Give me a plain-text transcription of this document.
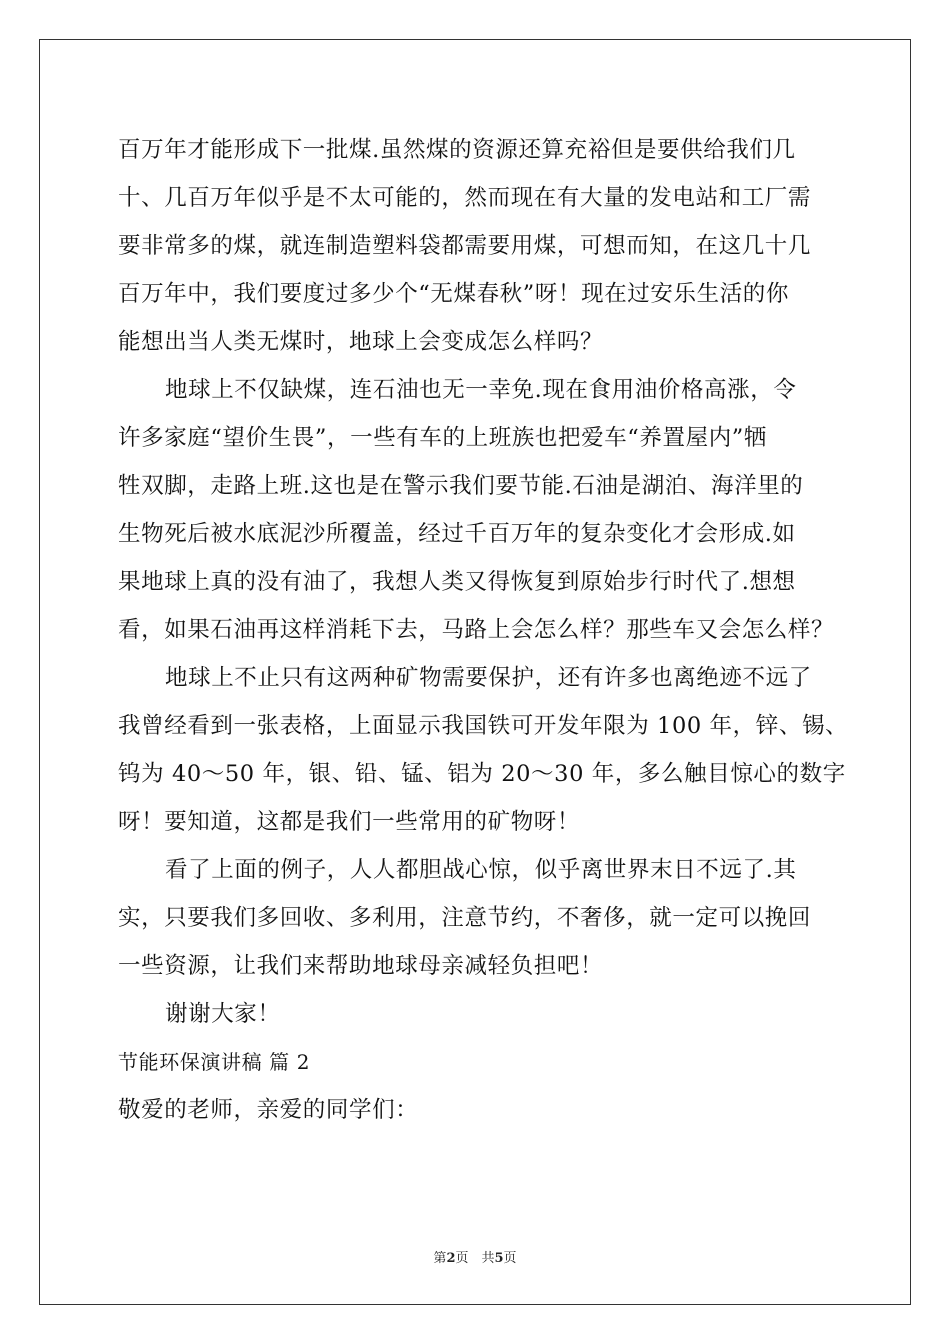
百万年才能形成下一批煤.虽然煤的资源还算充裕但是要供给我们几
十、几百万年似乎是不太可能的，然而现在有大量的发电站和工厂需
要非常多的煤，就连制造塑料袋都需要用煤，可想而知，在这几十几
百万年中，我们要度过多少个“无煤春秋”呀！现在过安乐生活的你
能想出当人类无煤时，地球上会变成怎么样吗？
地球上不仅缺煤，连石油也无一幸免.现在食用油价格高涨，令
许多家庭“望价生畏”，一些有车的上班族也把爱车“养置屋内”牺
牲双脚，走路上班.这也是在警示我们要节能.石油是湖泊、海洋里的
生物死后被水底泥沙所覆盖，经过千百万年的复杂变化才会形成.如
果地球上真的没有油了，我想人类又得恢复到原始步行时代了.想想
看，如果石油再这样消耗下去，马路上会怎么样？那些车又会怎么样？
地球上不止只有这两种矿物需要保护，还有许多也离绝迹不远了
我曾经看到一张表格，上面显示我国铁可开发年限为 100 年，锌、锡、
钨为 40～50 年，银、铅、锰、铝为 20～30 年，多么触目惊心的数字
呀！要知道，这都是我们一些常用的矿物呀！
看了上面的例子，人人都胆战心惊，似乎离世界末日不远了.其
实，只要我们多回收、多利用，注意节约，不奢侈，就一定可以挽回
一些资源，让我们来帮助地球母亲减轻负担吧！
谢谢大家！
节能环保演讲稿 篇 2
敬爱的老师，亲爱的同学们：
第2页　共5页
